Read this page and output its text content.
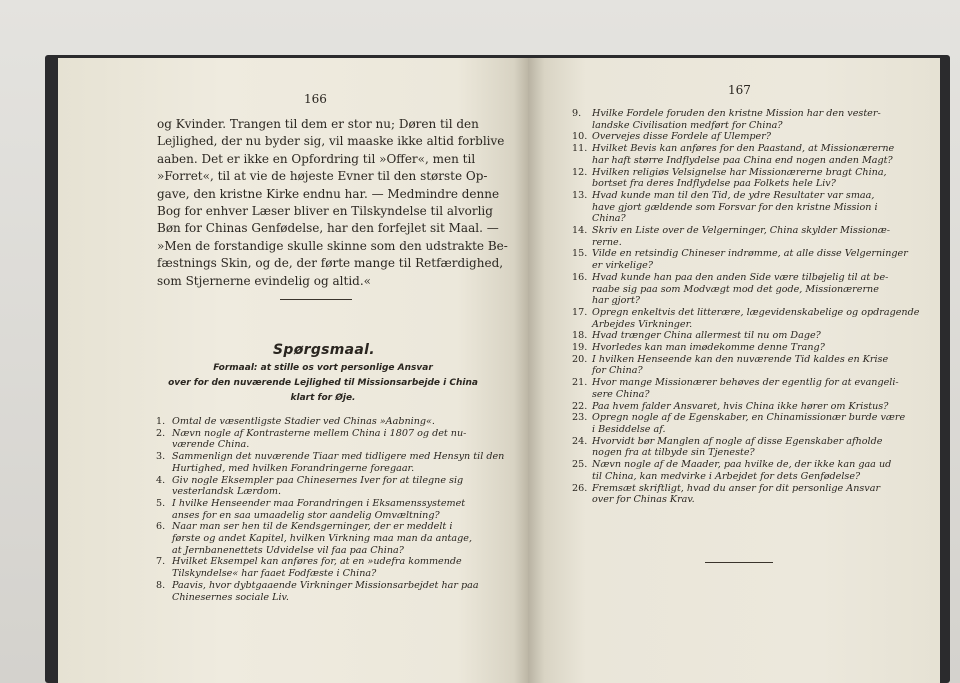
166
og Kvinder. Trangen til dem er stor nu; Døren til den
Lejlighed, der nu byder sig, vil maaske ikke altid forblive
aaben. Det er ikke en Opfordring til »Offer«, men til
»Forret«, til at vie de højeste Evner til den største Op-
gave, den kristne Kirke endnu har. — Medmindre denne
Bog for enhver Læser bliver en Tilskyndelse til alvorlig
Bøn for Chinas Genfødelse, har den forfejlet sit Maal. —
»Men de forstandige skulle skinne som den udstrakte Be-
fæstnings Skin, og de, der førte mange til Retfærdighed,
som Stjernerne evindelig og altid.«
Spørgsmaal.
Formaal: at stille os vort personlige Ansvar
over for den nuværende Lejlighed til Missionsarbejde i China
klart for Øje.
1. Omtal de væsentligste Stadier ved Chinas »Aabning«.
2. Nævn nogle af Kontrasterne mellem China i 1807 og det nu-
værende China.
3. Sammenlign det nuværende Tiaar med tidligere med Hensyn til den
Hurtighed, med hvilken Forandringerne foregaar.
4. Giv nogle Eksempler paa Chinesernes Iver for at tilegne sig
vesterlandsk Lærdom.
5. I hvilke Henseender maa Forandringen i Eksamenssystemet
anses for en saa umaadelig stor aandelig Omvæltning?
6. Naar man ser hen til de Kendsgerninger, der er meddelt i
første og andet Kapitel, hvilken Virkning maa man da antage,
at Jernbanenettets Udvidelse vil faa paa China?
7. Hvilket Eksempel kan anføres for, at en »udefra kommende
Tilskyndelse« har faaet Fodfæste i China?
8. Paavis, hvor dybtgaaende Virkninger Missionsarbejdet har paa
Chinesernes sociale Liv.
167
9. Hvilke Fordele foruden den kristne Mission har den vester-
landske Civilisation medført for China?
10. Overvejes disse Fordele af Ulemper?
11. Hvilket Bevis kan anføres for den Paastand, at Missionærerne
har haft større Indflydelse paa China end nogen anden Magt?
12. Hvilken religiøs Velsignelse har Missionærerne bragt China,
bortset fra deres Indflydelse paa Folkets hele Liv?
13. Hvad kunde man til den Tid, de ydre Resultater var smaa,
have gjort gældende som Forsvar for den kristne Mission i
China?
14. Skriv en Liste over de Velgerninger, China skylder Missionæ-
rerne.
15. Vilde en retsindig Chineser indrømme, at alle disse Velgerninger
er virkelige?
16. Hvad kunde han paa den anden Side være tilbøjelig til at be-
raabe sig paa som Modvægt mod det gode, Missionærerne
har gjort?
17. Opregn enkeltvis det litterære, lægevidenskabelige og opdragende
Arbejdes Virkninger.
18. Hvad trænger China allermest til nu om Dage?
19. Hvorledes kan man imødekomme denne Trang?
20. I hvilken Henseende kan den nuværende Tid kaldes en Krise
for China?
21. Hvor mange Missionærer behøves der egentlig for at evangeli-
sere China?
22. Paa hvem falder Ansvaret, hvis China ikke hører om Kristus?
23. Opregn nogle af de Egenskaber, en Chinamissionær burde være
i Besiddelse af.
24. Hvorvidt bør Manglen af nogle af disse Egenskaber afholde
nogen fra at tilbyde sin Tjeneste?
25. Nævn nogle af de Maader, paa hvilke de, der ikke kan gaa ud
til China, kan medvirke i Arbejdet for dets Genfødelse?
26. Fremsæt skriftligt, hvad du anser for dit personlige Ansvar
over for Chinas Krav.
